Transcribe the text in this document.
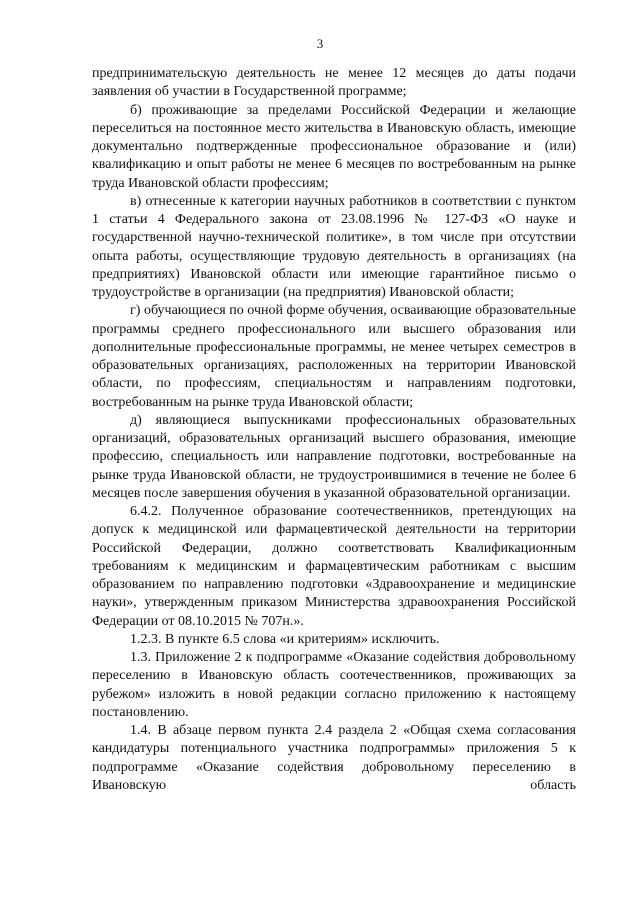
3

предпринимательскую деятельность не менее 12 месяцев до даты подачи заявления об участии в Государственной программе;

б) проживающие за пределами Российской Федерации и желающие переселиться на постоянное место жительства в Ивановскую область, имеющие документально подтвержденные профессиональное образование и (или) квалификацию и опыт работы не менее 6 месяцев по востребованным на рынке труда Ивановской области профессиям;

в) отнесенные к категории научных работников в соответствии с пунктом 1 статьи 4 Федерального закона от 23.08.1996 № 127-ФЗ «О науке и государственной научно-технической политике», в том числе при отсутствии опыта работы, осуществляющие трудовую деятельность в организациях (на предприятиях) Ивановской области или имеющие гарантийное письмо о трудоустройстве в организации (на предприятия) Ивановской области;

г) обучающиеся по очной форме обучения, осваивающие образовательные программы среднего профессионального или высшего образования или дополнительные профессиональные программы, не менее четырех семестров в образовательных организациях, расположенных на территории Ивановской области, по профессиям, специальностям и направлениям подготовки, востребованным на рынке труда Ивановской области;

д) являющиеся выпускниками профессиональных образовательных организаций, образовательных организаций высшего образования, имеющие профессию, специальность или направление подготовки, востребованные на рынке труда Ивановской области, не трудоустроившимися в течение не более 6 месяцев после завершения обучения в указанной образовательной организации.

6.4.2. Полученное образование соотечественников, претендующих на допуск к медицинской или фармацевтической деятельности на территории Российской Федерации, должно соответствовать Квалификационным требованиям к медицинским и фармацевтическим работникам с высшим образованием по направлению подготовки «Здравоохранение и медицинские науки», утвержденным приказом Министерства здравоохранения Российской Федерации от 08.10.2015 № 707н.».

1.2.3. В пункте 6.5 слова «и критериям» исключить.

1.3. Приложение 2 к подпрограмме «Оказание содействия добровольному переселению в Ивановскую область соотечественников, проживающих за рубежом» изложить в новой редакции согласно приложению к настоящему постановлению.

1.4. В абзаце первом пункта 2.4 раздела 2 «Общая схема согласования кандидатуры потенциального участника подпрограммы» приложения 5 к подпрограмме «Оказание содействия добровольному переселению в Ивановскую область
